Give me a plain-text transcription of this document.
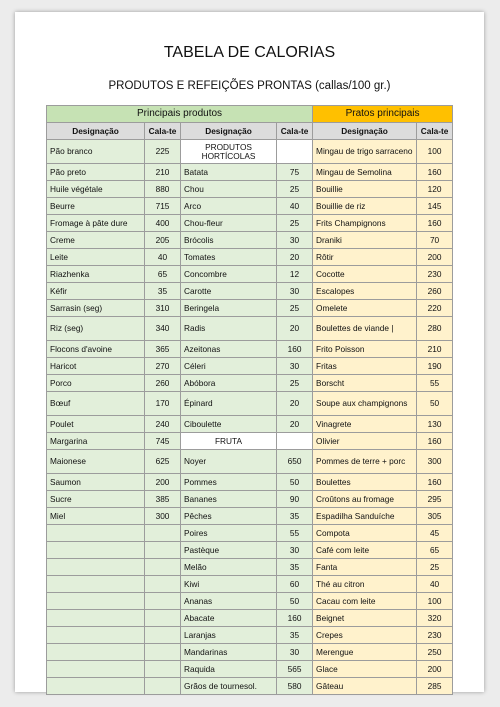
TABELA DE CALORIAS
PRODUTOS E REFEIÇÕES PRONTAS (callas/100 gr.)
Principais produtos				Pratos principais	
Designação	Cala-te	Designação	Cala-te	Designação	Cala-te
Pão branco	225	PRODUTOS HORTÍCOLAS		Mingau de trigo sarraceno	100
Pão preto	210	Batata	75	Mingau de Semolina	160
Huile végétale	880	Chou	25	Bouillie	120
Beurre	715	Arco	40	Bouillie de riz	145
Fromage à pâte dure	400	Chou-fleur	25	Frits Champignons	160
Creme	205	Brócolis	30	Draniki	70
Leite	40	Tomates	20	Rôtir	200
Riazhenka	65	Concombre	12	Cocotte	230
Kéfir	35	Carotte	30	Escalopes	260
Sarrasin (seg)	310	Beringela	25	Omelete	220
Riz (seg)	340	Radis	20	Boulettes de viande |	280
Flocons d'avoine	365	Azeitonas	160	Frito Poisson	210
Haricot	270	Céleri	30	Fritas	190
Porco	260	Abóbora	25	Borscht	55
Bœuf	170	Épinard	20	Soupe aux champignons	50
Poulet	240	Ciboulette	20	Vinagrete	130
Margarina	745	FRUTA		Olivier	160
Maionese	625	Noyer	650	Pommes de terre + porc	300
Saumon	200	Pommes	50	Boulettes	160
Sucre	385	Bananes	90	Croûtons au fromage	295
Miel	300	Pêches	35	Espadilha Sanduíche	305
		Poires	55	Compota	45
		Pastèque	30	Café com leite	65
		Melão	35	Fanta	25
		Kiwi	60	Thé au citron	40
		Ananas	50	Cacau com leite	100
		Abacate	160	Beignet	320
		Laranjas	35	Crepes	230
		Mandarinas	30	Merengue	250
		Raquida	565	Glace	200
		Grãos de tournesol.	580	Gâteau	285
